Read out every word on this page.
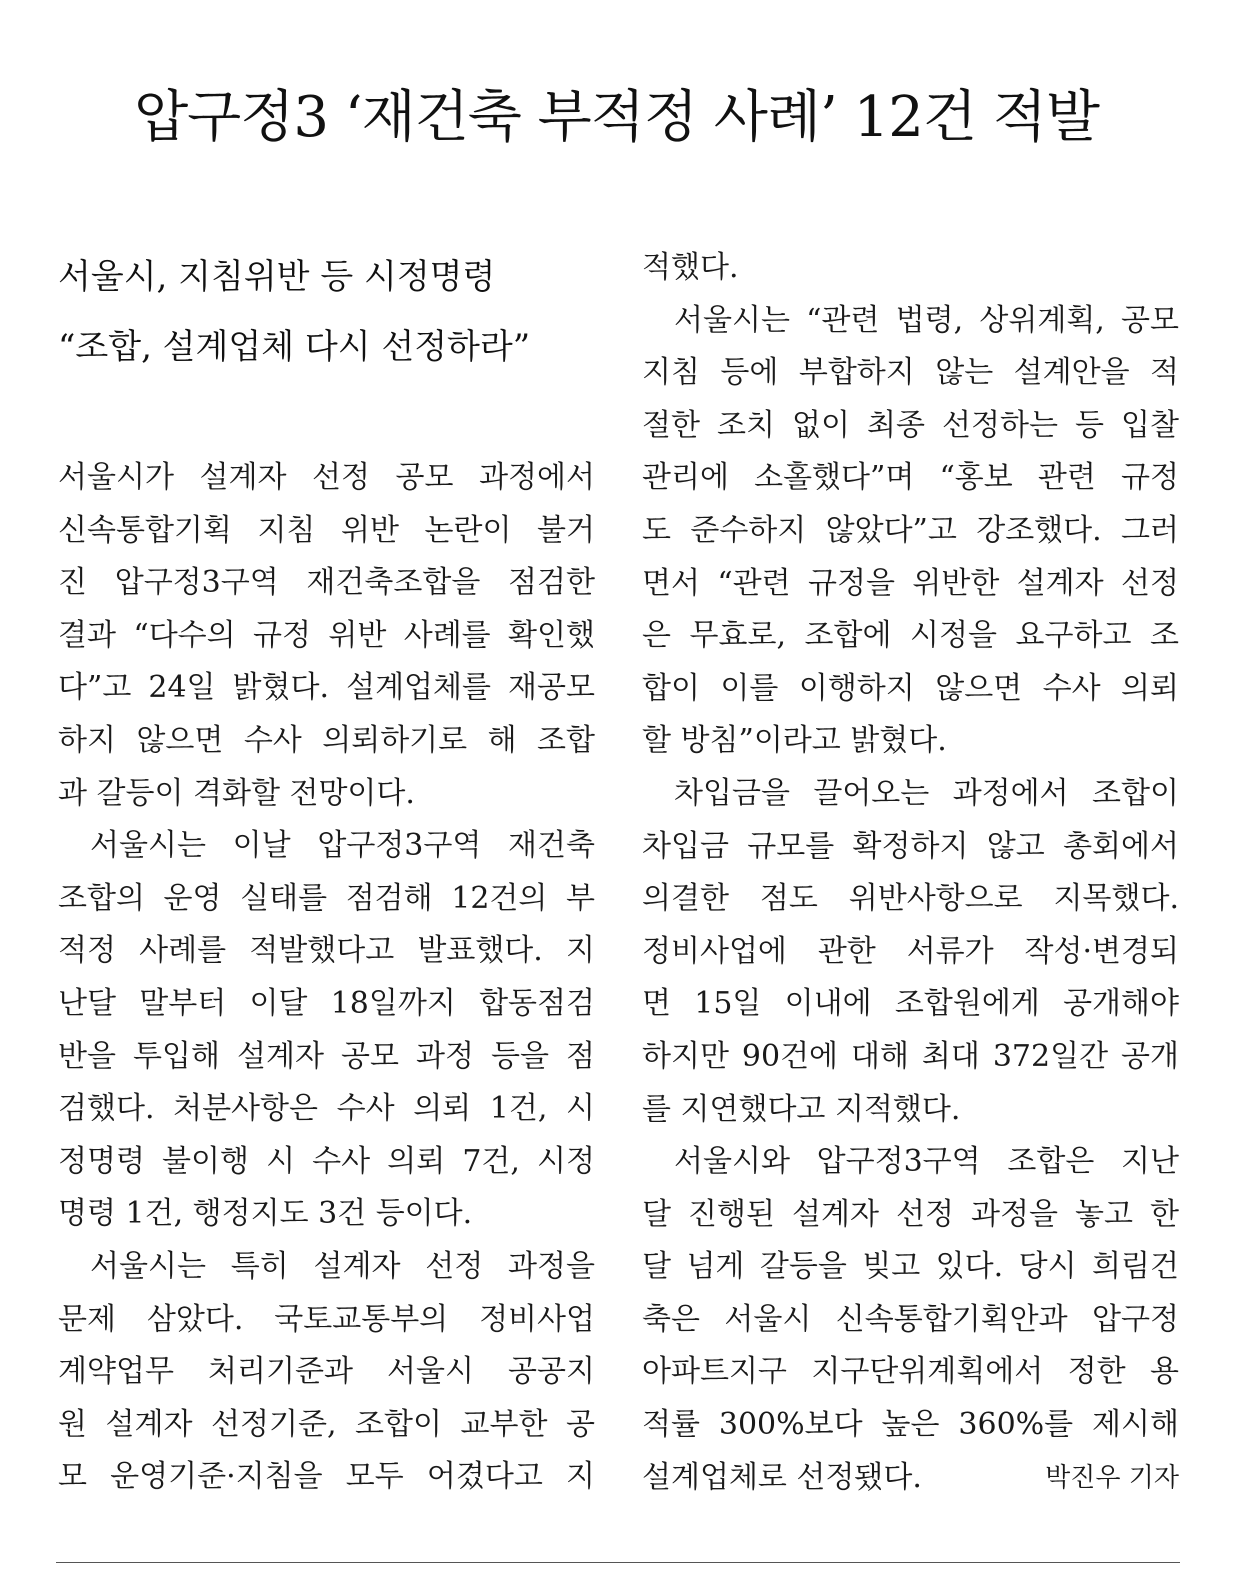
압구정3 ‘재건축 부적정 사례’ 12건 적발
서울시, 지침위반 등 시정명령
“조합, 설계업체 다시 선정하라”
서울시가 설계자 선정 공모 과정에서
신속통합기획 지침 위반 논란이 불거
진 압구정3구역 재건축조합을 점검한
결과 “다수의 규정 위반 사례를 확인했
다”고 24일 밝혔다. 설계업체를 재공모
하지 않으면 수사 의뢰하기로 해 조합
과 갈등이 격화할 전망이다.
서울시는 이날 압구정3구역 재건축
조합의 운영 실태를 점검해 12건의 부
적정 사례를 적발했다고 발표했다. 지
난달 말부터 이달 18일까지 합동점검
반을 투입해 설계자 공모 과정 등을 점
검했다. 처분사항은 수사 의뢰 1건, 시
정명령 불이행 시 수사 의뢰 7건, 시정
명령 1건, 행정지도 3건 등이다.
서울시는 특히 설계자 선정 과정을
문제 삼았다. 국토교통부의 정비사업
계약업무 처리기준과 서울시 공공지
원 설계자 선정기준, 조합이 교부한 공
모 운영기준·지침을 모두 어겼다고 지
적했다.
서울시는 “관련 법령, 상위계획, 공모
지침 등에 부합하지 않는 설계안을 적
절한 조치 없이 최종 선정하는 등 입찰
관리에 소홀했다”며 “홍보 관련 규정
도 준수하지 않았다”고 강조했다. 그러
면서 “관련 규정을 위반한 설계자 선정
은 무효로, 조합에 시정을 요구하고 조
합이 이를 이행하지 않으면 수사 의뢰
할 방침”이라고 밝혔다.
차입금을 끌어오는 과정에서 조합이
차입금 규모를 확정하지 않고 총회에서
의결한 점도 위반사항으로 지목했다.
정비사업에 관한 서류가 작성·변경되
면 15일 이내에 조합원에게 공개해야
하지만 90건에 대해 최대 372일간 공개
를 지연했다고 지적했다.
서울시와 압구정3구역 조합은 지난
달 진행된 설계자 선정 과정을 놓고 한
달 넘게 갈등을 빚고 있다. 당시 희림건
축은 서울시 신속통합기획안과 압구정
아파트지구 지구단위계획에서 정한 용
적률 300%보다 높은 360%를 제시해
설계업체로 선정됐다.	박진우 기자
